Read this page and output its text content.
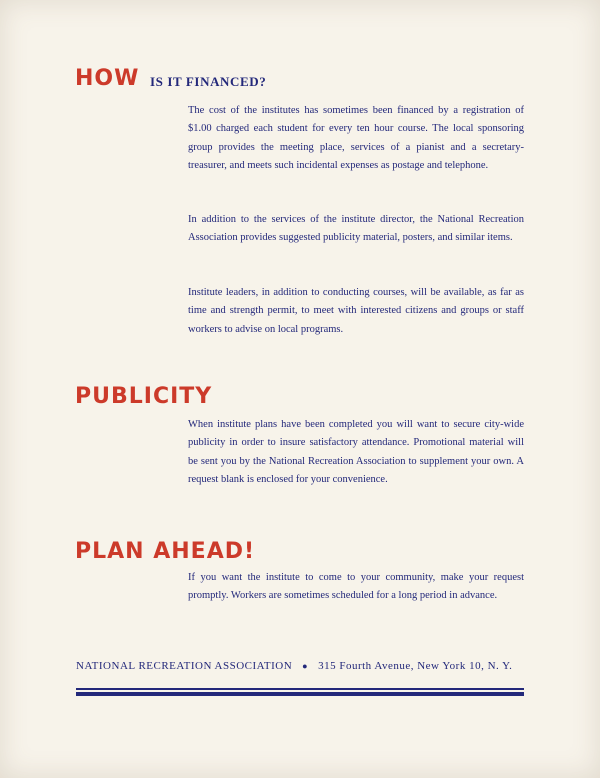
HOW IS IT FINANCED?

The cost of the institutes has sometimes been financed by a registration of $1.00 charged each student for every ten hour course. The local sponsoring group provides the meeting place, services of a pianist and a secretary-treasurer, and meets such incidental expenses as postage and telephone.

In addition to the services of the institute director, the National Recreation Association provides suggested publicity material, posters, and similar items.

Institute leaders, in addition to conducting courses, will be available, as far as time and strength permit, to meet with interested citizens and groups or staff workers to advise on local programs.

PUBLICITY

When institute plans have been completed you will want to secure city-wide publicity in order to insure satisfactory attendance. Promotional material will be sent you by the National Recreation Association to supplement your own. A request blank is enclosed for your convenience.

PLAN AHEAD!

If you want the institute to come to your community, make your request promptly. Workers are sometimes scheduled for a long period in advance.

NATIONAL RECREATION ASSOCIATION ● 315 Fourth Avenue, New York 10, N. Y.
